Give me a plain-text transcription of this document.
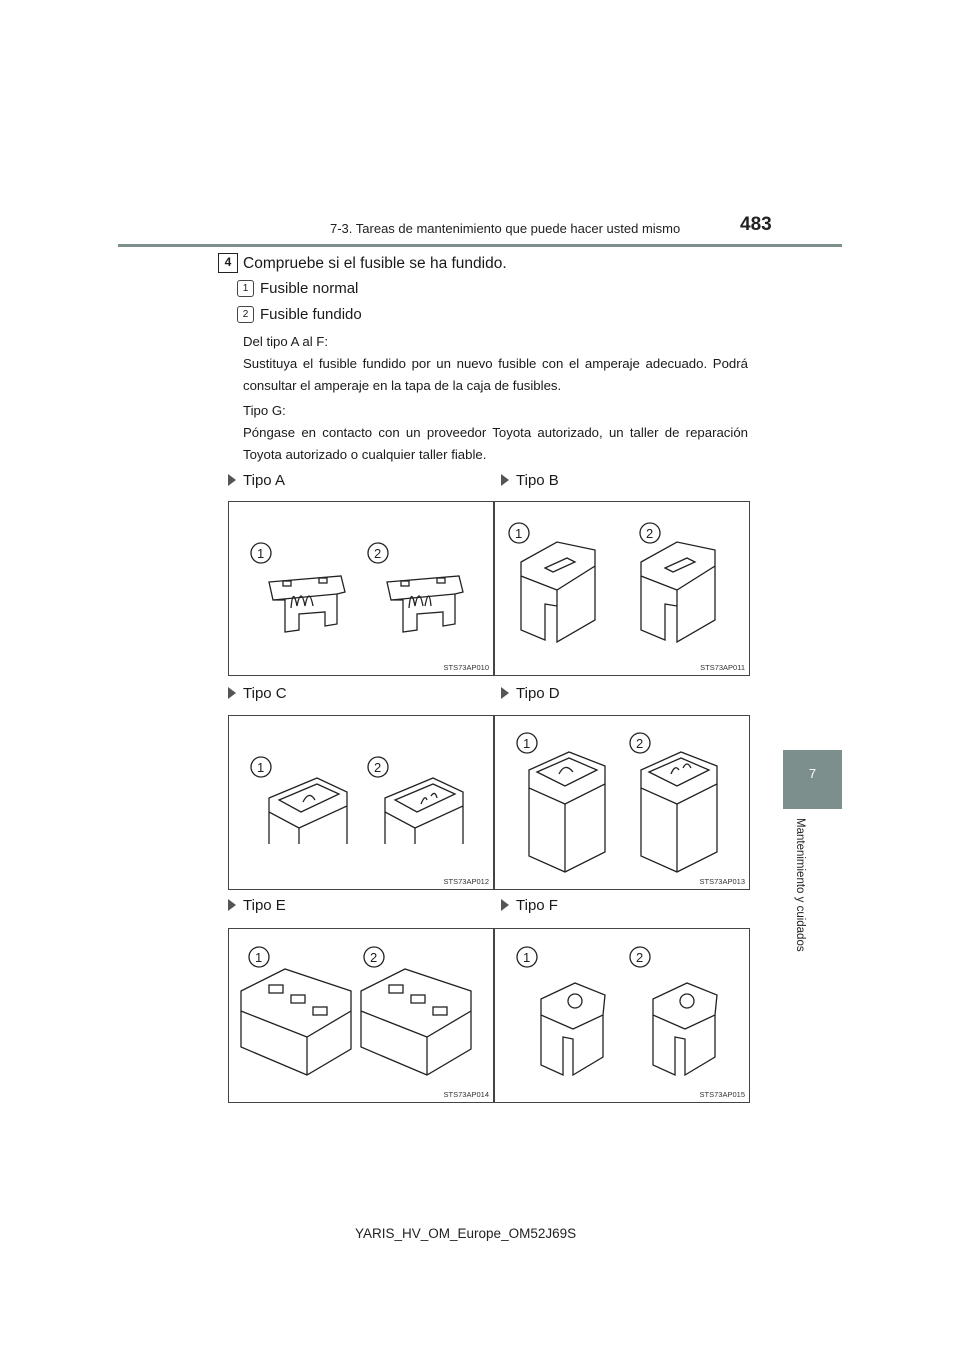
7-3. Tareas de mantenimiento que puede hacer usted mismo	483
7
Mantenimiento y cuidados
4 Compruebe si el fusible se ha fundido.
1 Fusible normal
2 Fusible fundido
Del tipo A al F:
Sustituya el fusible fundido por un nuevo fusible con el amperaje adecuado. Podrá consultar el amperaje en la tapa de la caja de fusibles.
Tipo G:
Póngase en contacto con un proveedor Toyota autorizado, un taller de reparación Toyota autorizado o cualquier taller fiable.
Tipo A	Tipo B
Tipo C	Tipo D
Tipo E	Tipo F
1	2
STS73AP010
1	2
STS73AP011
1	2
STS73AP012
1	2
STS73AP013
1	2
STS73AP014
1	2
STS73AP015
YARIS_HV_OM_Europe_OM52J69S
